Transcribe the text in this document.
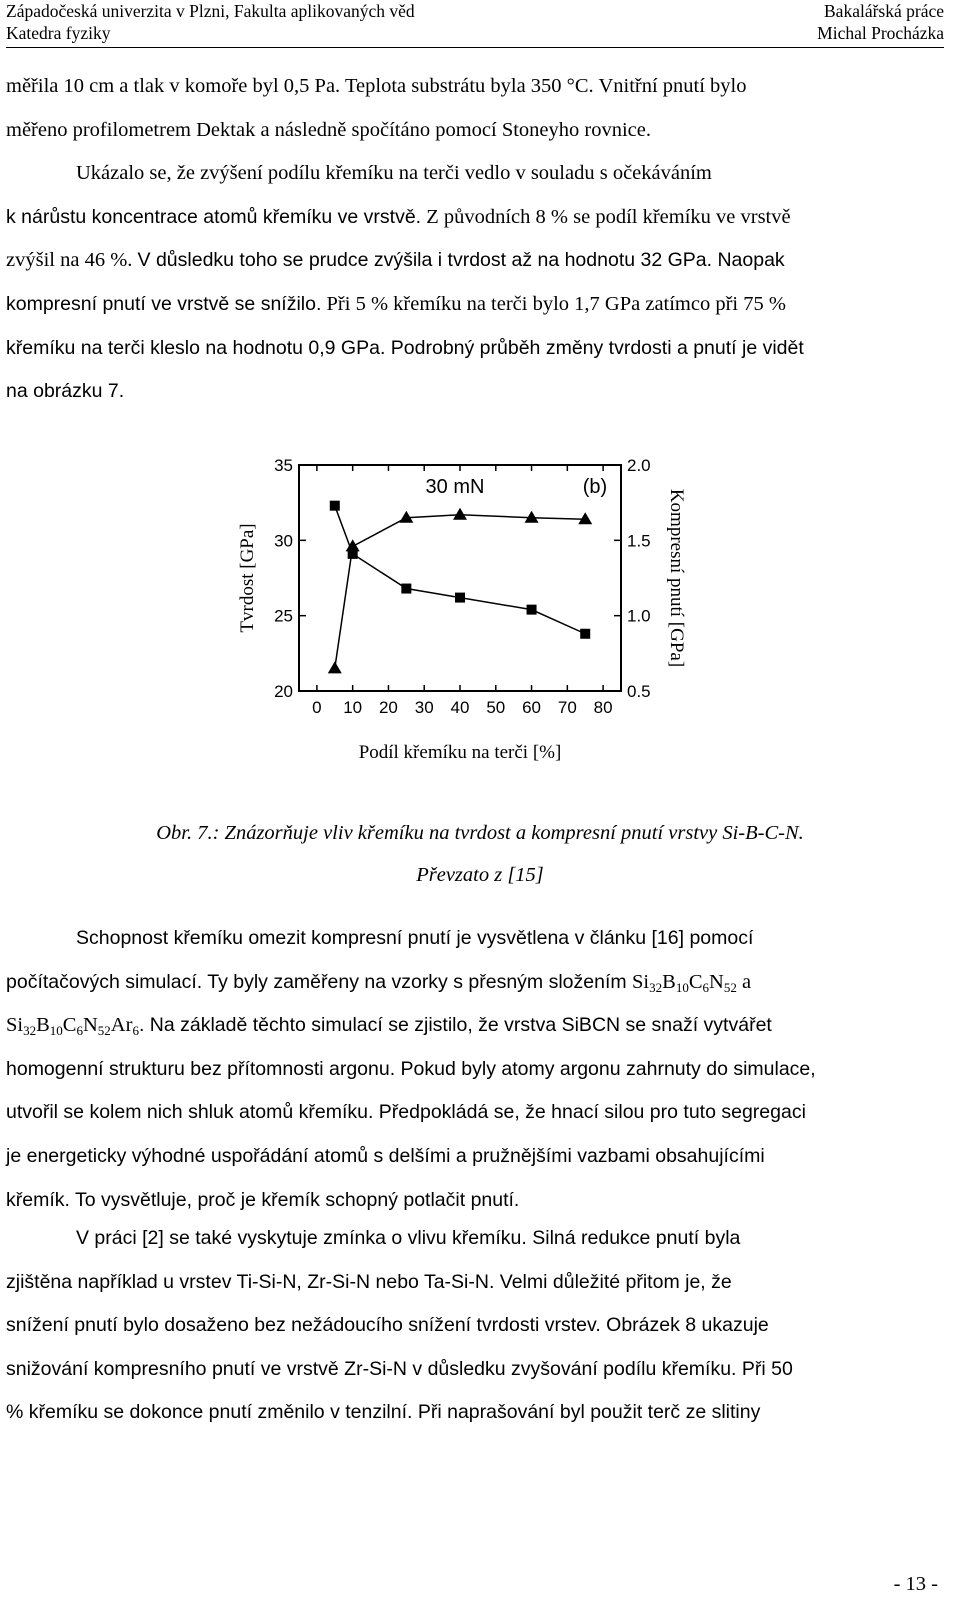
Západočeská univerzita v Plzni, Fakulta aplikovaných věd	Bakalářská práce
Katedra fyziky	Michal Procházka

měřila 10 cm a tlak v komoře byl 0,5 Pa. Teplota substrátu byla 350 °C. Vnitřní pnutí bylo
měřeno profilometrem Dektak a následně spočítáno pomocí Stoneyho rovnice.
Ukázalo se, že zvýšení podílu křemíku na terči vedlo v souladu s očekáváním
k nárůstu koncentrace atomů křemíku ve vrstvě. Z původních 8 % se podíl křemíku ve vrstvě
zvýšil na 46 %. V důsledku toho se prudce zvýšila i tvrdost až na hodnotu 32 GPa. Naopak
kompresní pnutí ve vrstvě se snížilo. Při 5 % křemíku na terči bylo 1,7 GPa zatímco při 75 %
křemíku na terči kleslo na hodnotu 0,9 GPa. Podrobný průběh změny tvrdosti a pnutí je vidět
na obrázku 7.

0 10 20 30 40 50 60 70 80
20
25
30
35
0.5
1.0
1.5
2.0
30 mN	(b)
Podíl křemíku na terči [%]
Tvrdost [GPa]	Kompresní pnutí [GPa]
Obr. 7.: Znázorňuje vliv křemíku na tvrdost a kompresní pnutí vrstvy Si-B-C-N.
Převzato z [15]

Schopnost křemíku omezit kompresní pnutí je vysvětlena v článku [16] pomocí
počítačových simulací. Ty byly zaměřeny na vzorky s přesným složením $Si_{32}B_{10}C_6N_{52}$ a
$Si_{32}B_{10}C_6N_{52}Ar_6$. Na základě těchto simulací se zjistilo, že vrstva SiBCN se snaží vytvářet
homogenní strukturu bez přítomnosti argonu. Pokud byly atomy argonu zahrnuty do simulace,
utvořil se kolem nich shluk atomů křemíku. Předpokládá se, že hnací silou pro tuto segregaci
je energeticky výhodné uspořádání atomů s delšími a pružnějšími vazbami obsahujícími
křemík. To vysvětluje, proč je křemík schopný potlačit pnutí.

V práci [2] se také vyskytuje zmínka o vlivu křemíku. Silná redukce pnutí byla
zjištěna například u vrstev Ti-Si-N, Zr-Si-N nebo Ta-Si-N. Velmi důležité přitom je, že
snížení pnutí bylo dosaženo bez nežádoucího snížení tvrdosti vrstev. Obrázek 8 ukazuje
snižování kompresního pnutí ve vrstvě Zr-Si-N v důsledku zvyšování podílu křemíku. Při 50
% křemíku se dokonce pnutí změnilo v tenzilní. Při naprašování byl použit terč ze slitiny

- 13 -
